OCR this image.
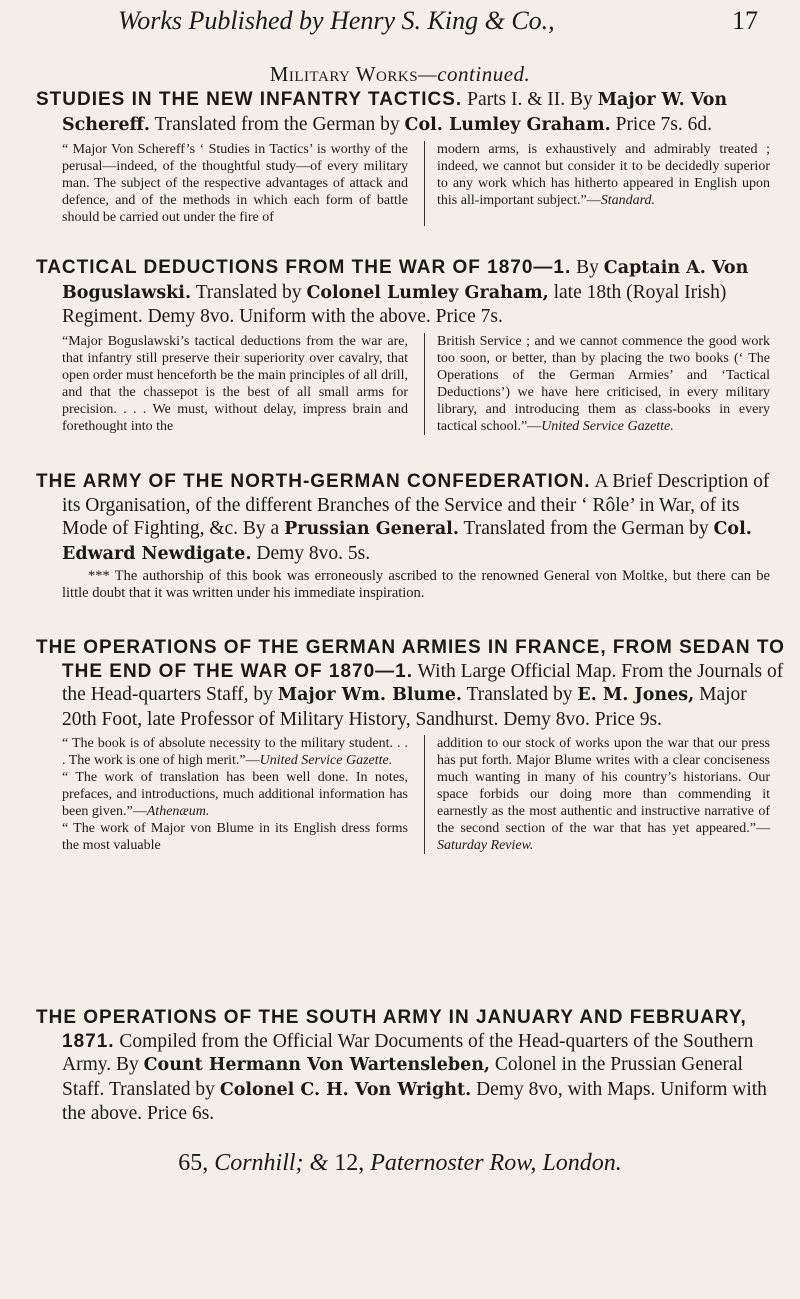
Works Published by Henry S. King & Co.,	17
Military Works—continued.
STUDIES IN THE NEW INFANTRY TACTICS. Parts I. & II. By Major W. Von Schereff. Translated from the German by Col. Lumley Graham. Price 7s. 6d.
“ Major Von Schereff’s ‘ Studies in Tactics’ is worthy of the perusal—indeed, of the thoughtful study—of every military man. The subject of the respective advantages of attack and defence, and of the methods in which each form of battle should be carried out under the fire of
modern arms, is exhaustively and admirably treated ; indeed, we cannot but consider it to be decidedly superior to any work which has hitherto appeared in English upon this all-important subject.”—Standard.
TACTICAL DEDUCTIONS FROM THE WAR OF 1870—1. By Captain A. Von Boguslawski. Translated by Colonel Lumley Graham, late 18th (Royal Irish) Regiment. Demy 8vo. Uniform with the above. Price 7s.
“Major Boguslawski’s tactical deductions from the war are, that infantry still preserve their superiority over cavalry, that open order must henceforth be the main principles of all drill, and that the chassepot is the best of all small arms for precision. . . . We must, without delay, impress brain and forethought into the
British Service ; and we cannot commence the good work too soon, or better, than by placing the two books (‘ The Operations of the German Armies’ and ‘Tactical Deductions’) we have here criticised, in every military library, and introducing them as class-books in every tactical school.”—United Service Gazette.
THE ARMY OF THE NORTH-GERMAN CONFEDERATION. A Brief Description of its Organisation, of the different Branches of the Service and their ‘ Rôle’ in War, of its Mode of Fighting, &c. By a Prussian General. Translated from the German by Col. Edward Newdigate. Demy 8vo. 5s.
*** The authorship of this book was erroneously ascribed to the renowned General von Moltke, but there can be little doubt that it was written under his immediate inspiration.
THE OPERATIONS OF THE GERMAN ARMIES IN FRANCE, FROM SEDAN TO THE END OF THE WAR OF 1870—1. With Large Official Map. From the Journals of the Head-quarters Staff, by Major Wm. Blume. Translated by E. M. Jones, Major 20th Foot, late Professor of Military History, Sandhurst. Demy 8vo. Price 9s.
“ The book is of absolute necessity to the military student. . . . The work is one of high merit.”—United Service Gazette.
“ The work of translation has been well done. In notes, prefaces, and introductions, much additional information has been given.”—Athenæum.
“ The work of Major von Blume in its English dress forms the most valuable
addition to our stock of works upon the war that our press has put forth. Major Blume writes with a clear conciseness much wanting in many of his country’s historians. Our space forbids our doing more than commending it earnestly as the most authentic and instructive narrative of the second section of the war that has yet appeared.”—Saturday Review.
THE OPERATIONS OF THE SOUTH ARMY IN JANUARY AND FEBRUARY, 1871. Compiled from the Official War Documents of the Head-quarters of the Southern Army. By Count Hermann Von Wartensleben, Colonel in the Prussian General Staff. Translated by Colonel C. H. Von Wright. Demy 8vo, with Maps. Uniform with the above. Price 6s.
65, Cornhill; & 12, Paternoster Row, London.
